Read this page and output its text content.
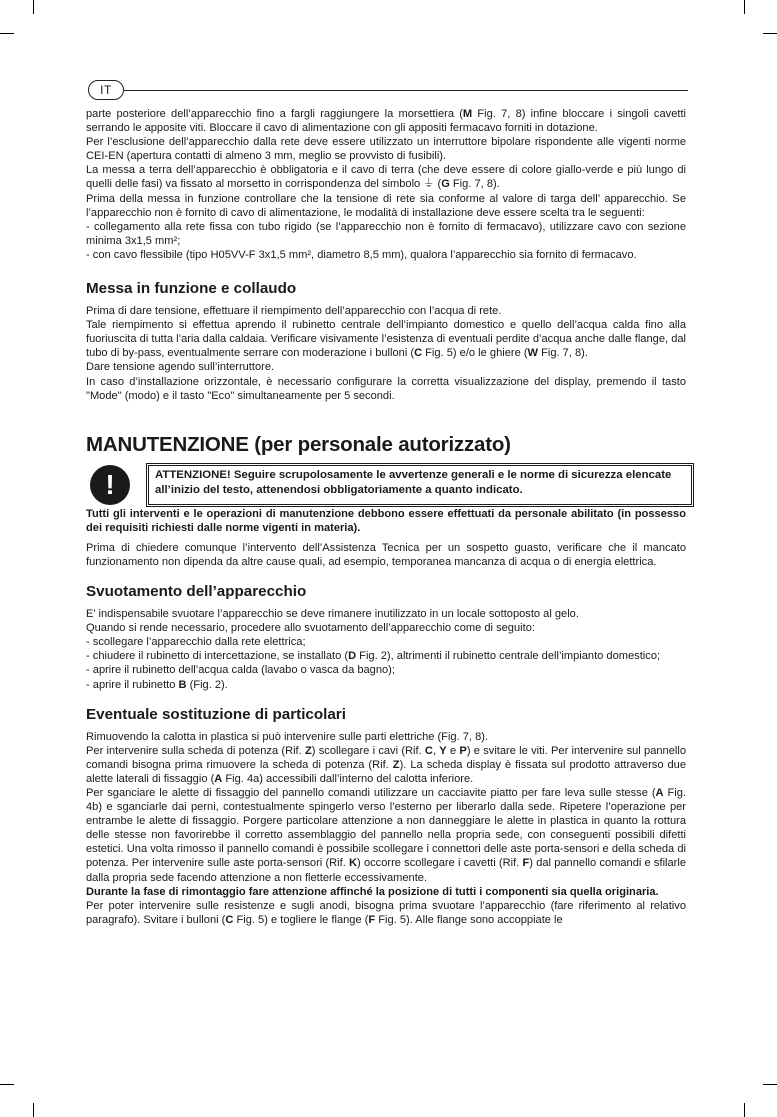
IT

parte posteriore dell’apparecchio fino a fargli raggiungere la morsettiera (M Fig. 7, 8) infine bloccare i singoli cavetti serrando le apposite viti. Bloccare il cavo di alimentazione con gli appositi fermacavo forniti in dotazione.

Per l’esclusione dell’apparecchio dalla rete deve essere utilizzato un interruttore bipolare rispondente alle vigenti norme CEI-EN (apertura contatti di almeno 3 mm, meglio se provvisto di fusibili).

La messa a terra dell’apparecchio è obbligatoria e il cavo di terra (che deve essere di colore giallo-verde e più lungo di quelli delle fasi) va fissato al morsetto in corrispondenza del simbolo ⏚ (G Fig. 7, 8).

Prima della messa in funzione controllare che la tensione di rete sia conforme al valore di targa dell’ apparecchio. Se l’apparecchio non è fornito di cavo di alimentazione, le modalità di installazione deve essere scelta tra le seguenti:

- collegamento alla rete fissa con tubo rigido (se l’apparecchio non è fornito di fermacavo), utilizzare cavo con sezione minima 3x1,5 mm²;

- con cavo flessibile (tipo H05VV-F 3x1,5 mm², diametro 8,5 mm), qualora l’apparecchio sia fornito di fermacavo.

Messa in funzione e collaudo

Prima di dare tensione, effettuare il riempimento dell’apparecchio con l’acqua di rete.

Tale riempimento si effettua aprendo il rubinetto centrale dell’impianto domestico e quello dell’acqua calda fino alla fuoriuscita di tutta l’aria dalla caldaia. Verificare visivamente l’esistenza di eventuali perdite d’acqua anche dalle flange, dal tubo di by-pass, eventualmente serrare con moderazione i bulloni (C Fig. 5) e/o le ghiere (W Fig. 7, 8).

Dare tensione agendo sull’interruttore.

In caso d’installazione orizzontale, è necessario configurare la corretta visualizzazione del display, premendo il tasto "Mode" (modo) e il tasto "Eco" simultaneamente per 5 secondi.

MANUTENZIONE (per personale autorizzato)
!	ATTENZIONE! Seguire scrupolosamente le avvertenze generali e le norme di sicurezza elencate all’inizio del testo, attenendosi obbligatoriamente a quanto indicato.

Tutti gli interventi e le operazioni di manutenzione debbono essere effettuati da personale abilitato (in possesso dei requisiti richiesti dalle norme vigenti in materia).

Prima di chiedere comunque l’intervento dell’Assistenza Tecnica per un sospetto guasto, verificare che il mancato funzionamento non dipenda da altre cause quali, ad esempio, temporanea mancanza di acqua o di energia elettrica.

Svuotamento dell’apparecchio

E’ indispensabile svuotare l’apparecchio se deve rimanere inutilizzato in un locale sottoposto al gelo.

Quando si rende necessario, procedere allo svuotamento dell’apparecchio come di seguito:

- scollegare l’apparecchio dalla rete elettrica;

- chiudere il rubinetto di intercettazione, se installato (D Fig. 2), altrimenti il rubinetto centrale dell’impianto domestico;

- aprire il rubinetto dell’acqua calda (lavabo o vasca da bagno);

- aprire il rubinetto B (Fig. 2).

Eventuale sostituzione di particolari

Rimuovendo la calotta in plastica si può intervenire sulle parti elettriche (Fig. 7, 8).

Per intervenire sulla scheda di potenza (Rif. Z) scollegare i cavi (Rif. C, Y e P) e svitare le viti. Per intervenire sul pannello comandi bisogna prima rimuovere la scheda di potenza (Rif. Z). La scheda display è fissata sul prodotto attraverso due alette laterali di fissaggio (A Fig. 4a) accessibili dall’interno del calotta inferiore.

Per sganciare le alette di fissaggio del pannello comandi utilizzare un cacciavite piatto per fare leva sulle stesse (A Fig. 4b) e sganciarle dai perni, contestualmente spingerlo verso l’esterno per liberarlo dalla sede. Ripetere l’operazione per entrambe le alette di fissaggio. Porgere particolare attenzione a non danneggiare le alette in plastica in quanto la rottura delle stesse non favorirebbe il corretto assemblaggio del pannello nella propria sede, con conseguenti possibili difetti estetici. Una volta rimosso il pannello comandi è possibile scollegare i connettori delle aste porta-sensori e della scheda di potenza. Per intervenire sulle aste porta-sensori (Rif. K) occorre scollegare i cavetti (Rif. F) dal pannello comandi e sfilarle dalla propria sede facendo attenzione a non fletterle eccessivamente.

Durante la fase di rimontaggio fare attenzione affinché la posizione di tutti i componenti sia quella originaria.

Per poter intervenire sulle resistenze e sugli anodi, bisogna prima svuotare l’apparecchio (fare riferimento al relativo paragrafo). Svitare i bulloni (C Fig. 5) e togliere le flange (F Fig. 5). Alle flange sono accoppiate le
